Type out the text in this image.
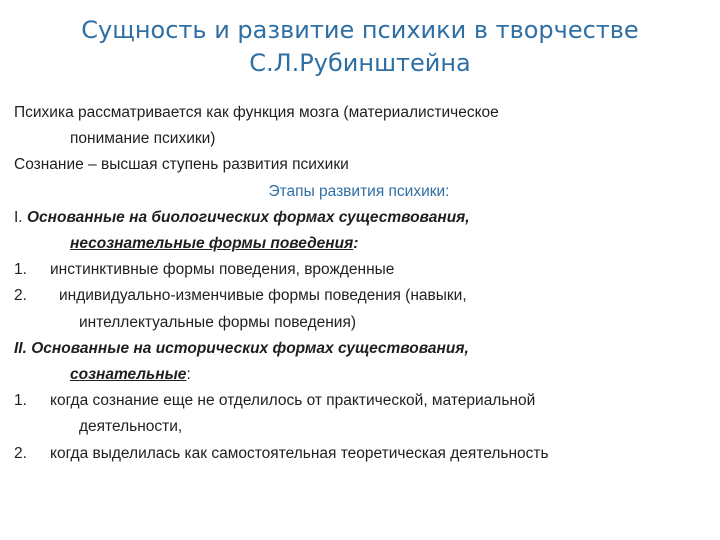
Сущность и развитие психики в творчестве
С.Л.Рубинштейна
Психика рассматривается как функция мозга (материалистическое
понимание психики)
Сознание – высшая ступень развития психики
Этапы развития психики:
I. Основанные на биологических формах существования,
несознательные формы поведения:
1. инстинктивные формы поведения, врожденные
2. индивидуально-изменчивые формы поведения (навыки,
интеллектуальные формы поведения)
II. Основанные на исторических формах существования,
сознательные:
1. когда сознание еще не отделилось от практической, материальной
деятельности,
2. когда выделилась как самостоятельная теоретическая деятельность
